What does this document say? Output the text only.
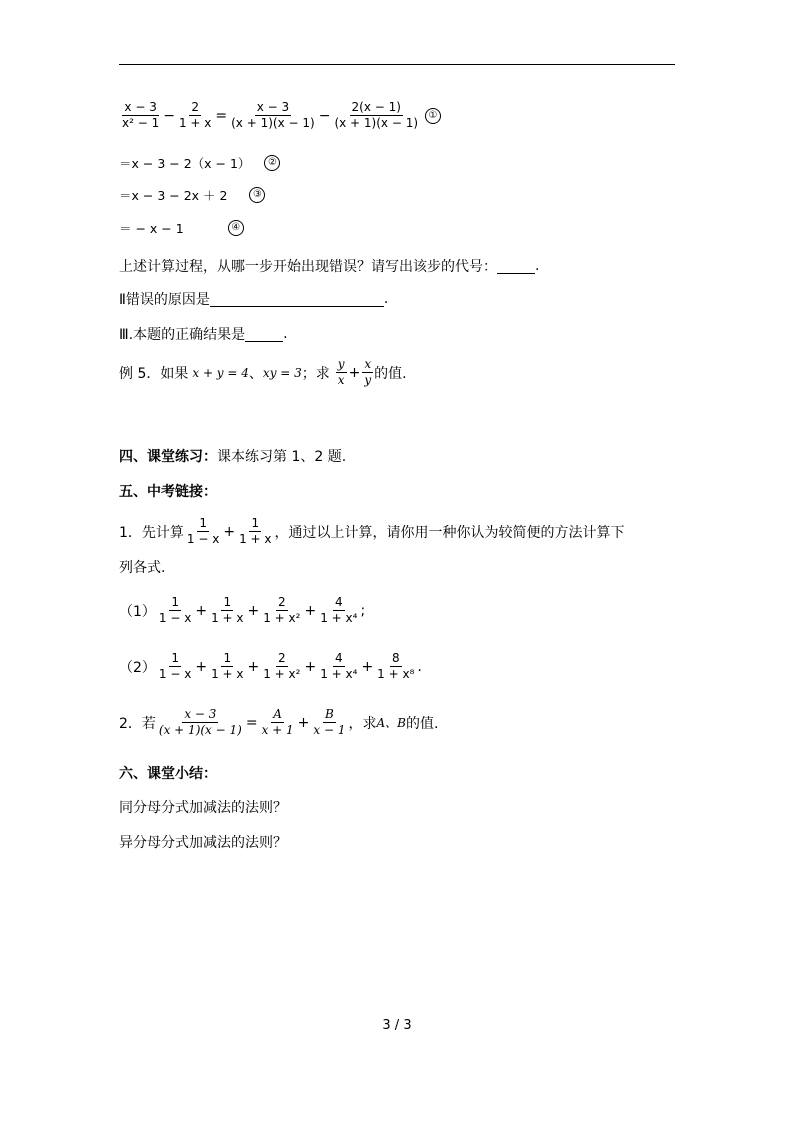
$\frac{x - 3}{\text{x² − 1}} - \frac{2}{1 + x} = \frac{x - 3}{(x + 1)(x - 1)} - \frac{2(x - 1)}{(x + 1)(x - 1)}$ ①
＝x − 3 − 2（x − 1）	②
＝x − 3 − 2x ＋ 2	③
＝ − x − 1	④
上述计算过程，从哪一步开始出现错误？请写出该步的代号：	.
Ⅱ错误的原因是	.
Ⅲ.本题的正确结果是	.
例 5．如果 x + y = 4 、 xy = 3 ；求 $\frac{y}{x} + \frac{x}{y}$ 的值.
四、课堂练习： 课本练习第 1、2 题.
五、中考链接：
1．先计算 $\frac{1}{1 - x} + \frac{1}{1 + x}$ ，通过以上计算，请你用一种你认为较简便的方法计算下
列各式.
$(1) \frac{1}{1 - x} + \frac{1}{1 + x} + \frac{2}{\text{1 + x²}} + \frac{4}{\text{1 + x⁴}}$ ;
$(2) \frac{1}{1 - x} + \frac{1}{1 + x} + \frac{2}{\text{1 + x²}} + \frac{4}{\text{1 + x⁴}} + \frac{8}{\text{1 + x⁸}}$ .
2．若 $\frac{x - 3}{(x + 1)(x - 1)} = \frac{A}{x + 1} + \frac{B}{x - 1}$ ，求 A、B 的值.
六、课堂小结：
同分母分式加减法的法则？
异分母分式加减法的法则？
3 / 3
